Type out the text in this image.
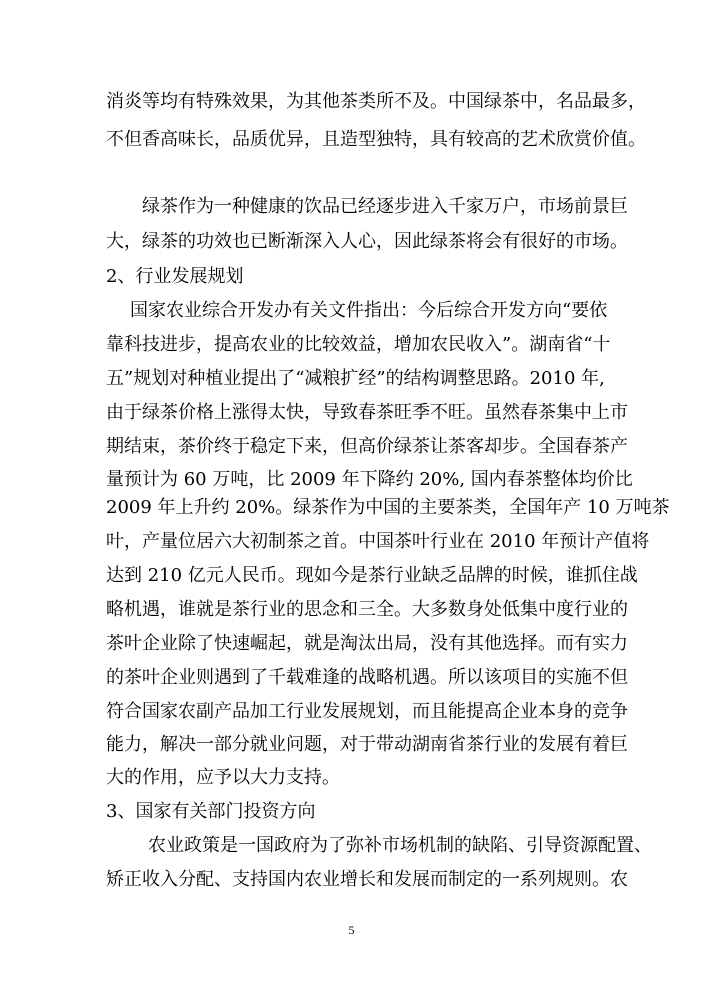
消炎等均有特殊效果，为其他茶类所不及。中国绿茶中，名品最多，
不但香高味长，品质优异，且造型独特，具有较高的艺术欣赏价值。
绿茶作为一种健康的饮品已经逐步进入千家万户，市场前景巨
大，绿茶的功效也已断渐深入人心，因此绿茶将会有很好的市场。
2、行业发展规划
国家农业综合开发办有关文件指出：今后综合开发方向“要依
靠科技进步，提高农业的比较效益，增加农民收入”。湖南省“十
五”规划对种植业提出了“减粮扩经”的结构调整思路。2010 年,
由于绿茶价格上涨得太快，导致春茶旺季不旺。虽然春茶集中上市
期结束，茶价终于稳定下来，但高价绿茶让茶客却步。全国春茶产
量预计为 60 万吨，比 2009 年下降约 20%, 国内春茶整体均价比
2009 年上升约 20%。绿茶作为中国的主要茶类，全国年产 10 万吨茶
叶，产量位居六大初制茶之首。中国茶叶行业在 2010 年预计产值将
达到 210 亿元人民币。现如今是茶行业缺乏品牌的时候，谁抓住战
略机遇，谁就是茶行业的思念和三全。大多数身处低集中度行业的
茶叶企业除了快速崛起，就是淘汰出局，没有其他选择。而有实力
的茶叶企业则遇到了千载难逢的战略机遇。所以该项目的实施不但
符合国家农副产品加工行业发展规划，而且能提高企业本身的竞争
能力，解决一部分就业问题，对于带动湖南省茶行业的发展有着巨
大的作用，应予以大力支持。
3、国家有关部门投资方向
农业政策是一国政府为了弥补市场机制的缺陷、引导资源配置、
矫正收入分配、支持国内农业增长和发展而制定的一系列规则。农
5
